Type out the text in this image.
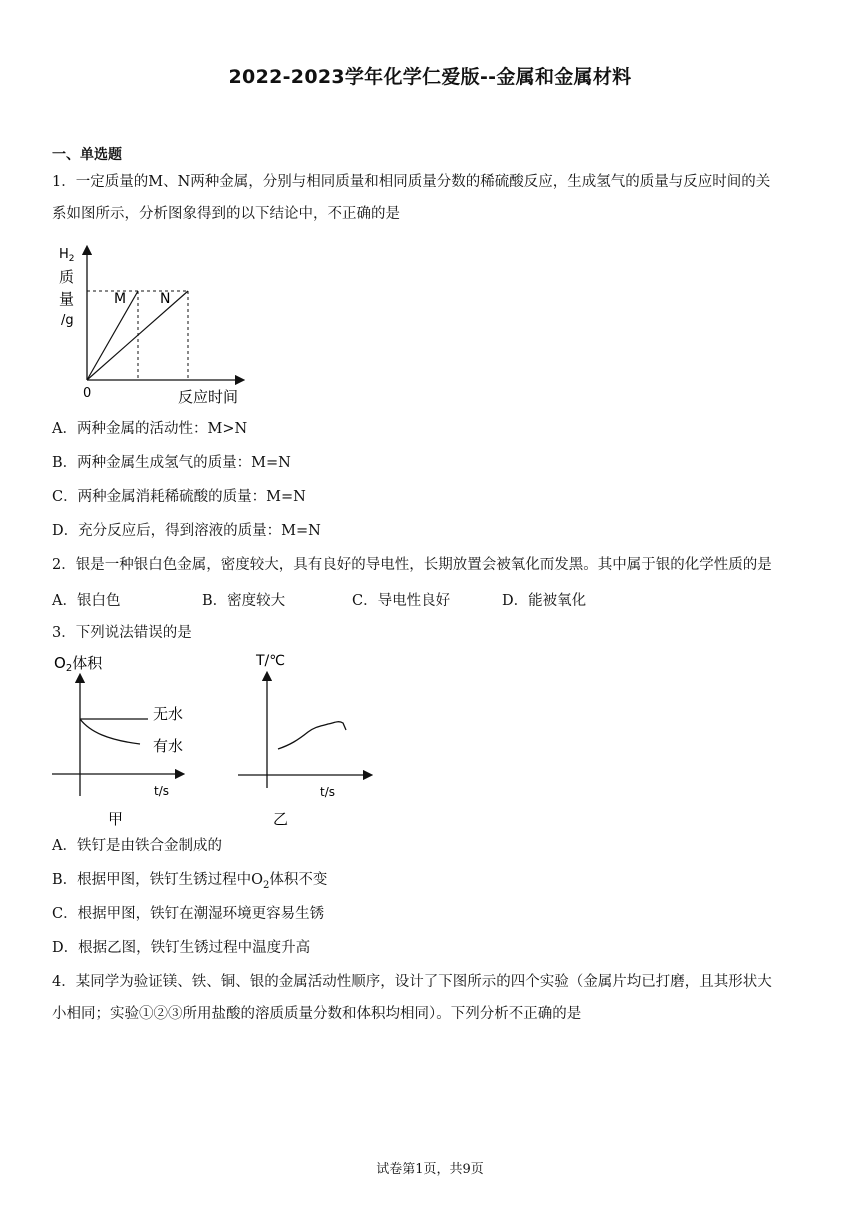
2022-2023学年化学仁爱版--金属和金属材料
一、单选题
1．一定质量的M、N两种金属，分别与相同质量和相同质量分数的稀硫酸反应，生成氢气的质量与反应时间的关
系如图所示，分析图象得到的以下结论中，不正确的是
$H_2$
质
量
/g
0	反应时间
M N
A．两种金属的活动性：M>N
B．两种金属生成氢气的质量：M=N
C．两种金属消耗稀硫酸的质量：M=N
D．充分反应后，得到溶液的质量：M=N
2．银是一种银白色金属，密度较大，具有良好的导电性，长期放置会被氧化而发黑。其中属于银的化学性质的是
A．银白色	B．密度较大	C．导电性良好	D．能被氧化
3．下列说法错误的是
$O_2$体积
无水
有水
t/s
甲
T/℃
t/s
乙
A．铁钉是由铁合金制成的
B．根据甲图，铁钉生锈过程中$O_2$体积不变
C．根据甲图，铁钉在潮湿环境更容易生锈
D．根据乙图，铁钉生锈过程中温度升高
4．某同学为验证镁、铁、铜、银的金属活动性顺序，设计了下图所示的四个实验（金属片均已打磨，且其形状大
小相同；实验①②③所用盐酸的溶质质量分数和体积均相同）。下列分析不正确的是
试卷第1页，共9页
